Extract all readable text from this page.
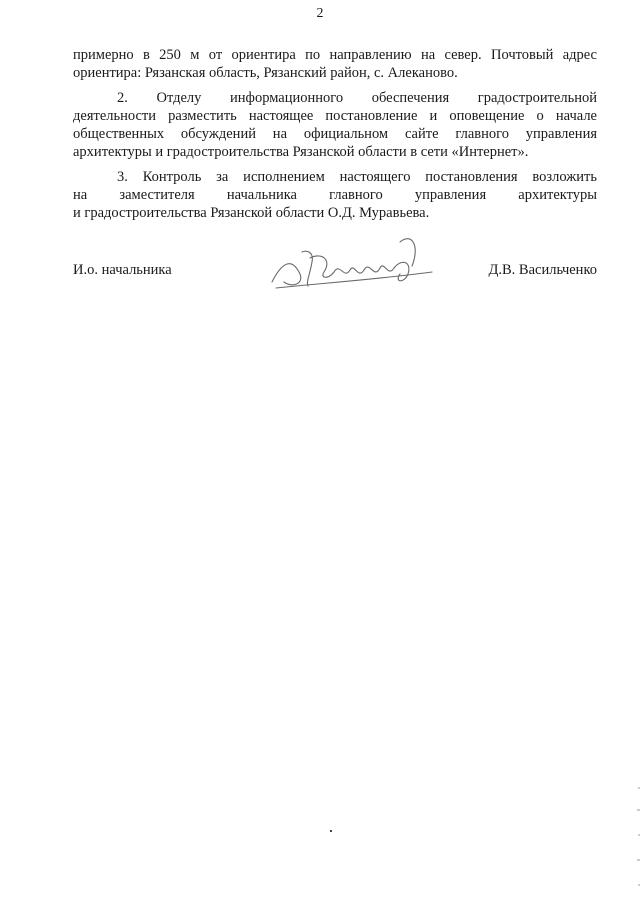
2

примерно в 250 м от ориентира по направлению на север. Почтовый адрес
ориентира: Рязанская область, Рязанский район, с. Алеканово.

2. Отделу информационного обеспечения градостроительной
деятельности разместить настоящее постановление и оповещение о начале
общественных обсуждений на официальном сайте главного управления
архитектуры и градостроительства Рязанской области в сети «Интернет».

3. Контроль за исполнением настоящего постановления возложить
на заместителя начальника главного управления архитектуры
и градостроительства Рязанской области О.Д. Муравьева.

И.о. начальника	Д.В. Васильченко
